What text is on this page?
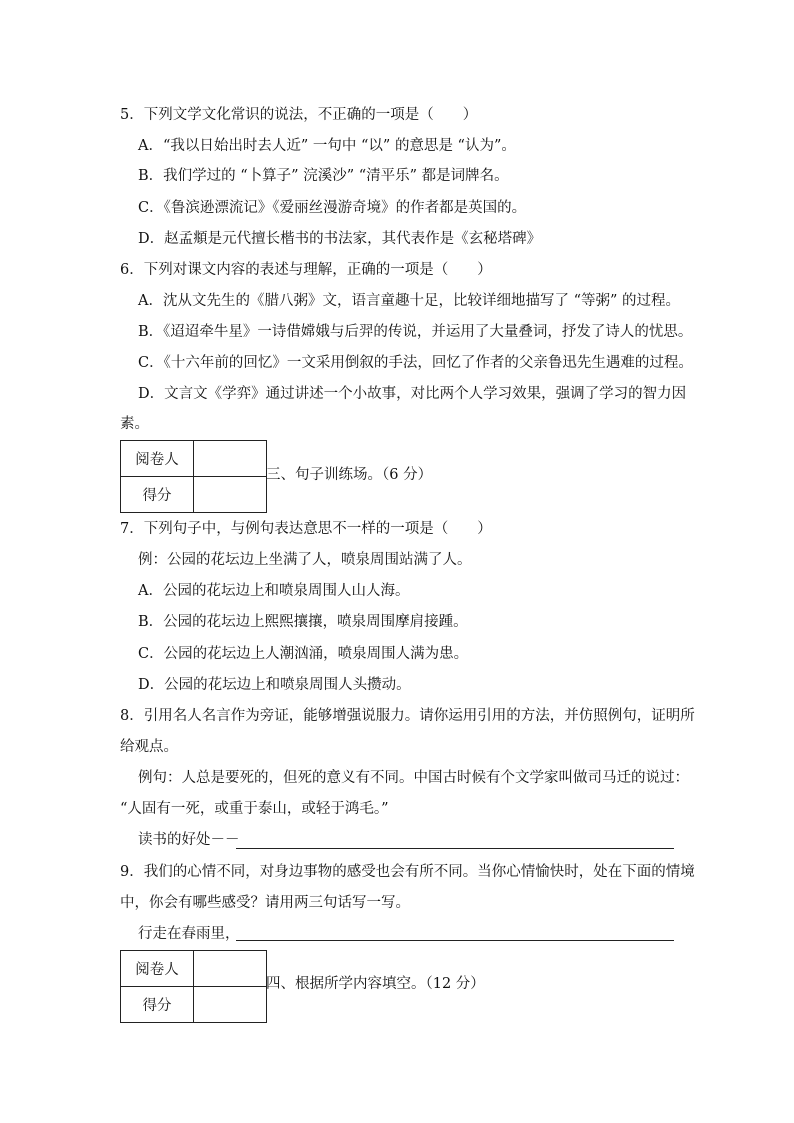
5．下列文学文化常识的说法，不正确的一项是（　　）
A．“我以日始出时去人近” 一句中 “以” 的意思是 “认为”。
B．我们学过的 “卜算子” 浣溪沙” “清平乐” 都是词牌名。
C．《鲁滨逊漂流记》《爱丽丝漫游奇境》的作者都是英国的。
D．赵孟頫是元代擅长楷书的书法家，其代表作是《玄秘塔碑》
6．下列对课文内容的表述与理解，正确的一项是（　　）
A．沈从文先生的《腊八粥》文，语言童趣十足，比较详细地描写了 “等粥” 的过程。
B．《迢迢牵牛星》一诗借嫦娥与后羿的传说，并运用了大量叠词，抒发了诗人的忧思。
C．《十六年前的回忆》一文采用倒叙的手法，回忆了作者的父亲鲁迅先生遇难的过程。
D．文言文《学弈》通过讲述一个小故事，对比两个人学习效果，强调了学习的智力因
素。
阅卷人	
得分	
三、句子训练场。（6 分）
7．下列句子中，与例句表达意思不一样的一项是（　　）
例：公园的花坛边上坐满了人，喷泉周围站满了人。
A．公园的花坛边上和喷泉周围人山人海。
B．公园的花坛边上熙熙攘攘，喷泉周围摩肩接踵。
C．公园的花坛边上人潮汹涌，喷泉周围人满为患。
D．公园的花坛边上和喷泉周围人头攒动。
8．引用名人名言作为旁证，能够增强说服力。请你运用引用的方法，并仿照例句，证明所
给观点。
例句：人总是要死的，但死的意义有不同。中国古时候有个文学家叫做司马迁的说过：
“人固有一死，或重于泰山，或轻于鸿毛。”
读书的好处－－
9．我们的心情不同，对身边事物的感受也会有所不同。当你心情愉快时，处在下面的情境
中，你会有哪些感受？请用两三句话写一写。
行走在春雨里，
阅卷人	
得分	
四、根据所学内容填空。（12 分）
